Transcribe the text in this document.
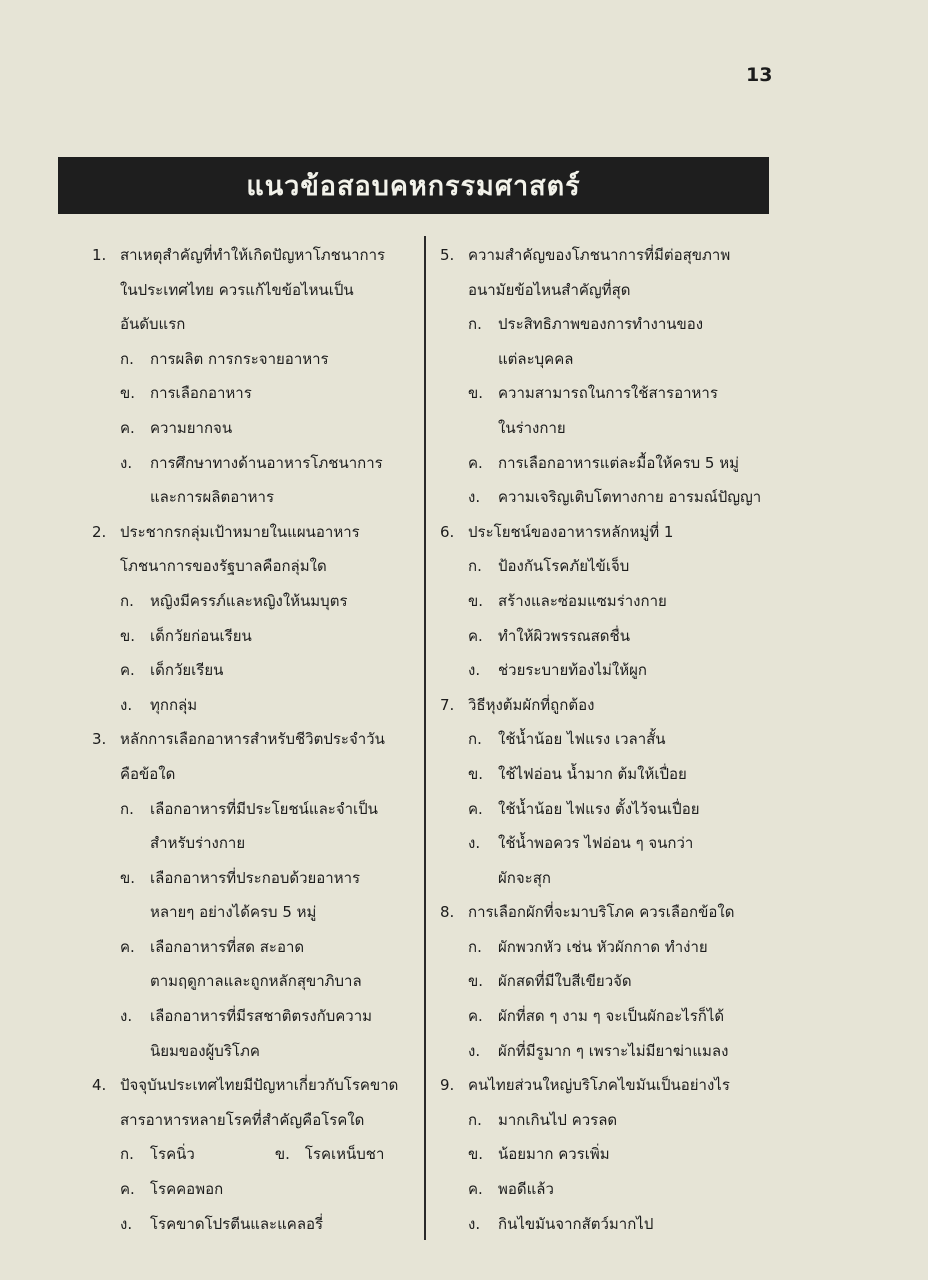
13
แนวข้อสอบคหกรรมศาสตร์
1. สาเหตุสำคัญที่ทำให้เกิดปัญหาโภชนาการ
ในประเทศไทย ควรแก้ไขข้อไหนเป็น
อันดับแรก
ก.	การผลิต การกระจายอาหาร
ข. การเลือกอาหาร
ค.	ความยากจน
ง.	การศึกษาทางด้านอาหารโภชนาการ
และการผลิตอาหาร
2. ประชากรกลุ่มเป้าหมายในแผนอาหาร
โภชนาการของรัฐบาลคือกลุ่มใด
ก.	หญิงมีครรภ์และหญิงให้นมบุตร
ข. เด็กวัยก่อนเรียน
ค.	เด็กวัยเรียน
ง.	ทุกกลุ่ม
3. หลักการเลือกอาหารสำหรับชีวิตประจำวัน
คือข้อใด
ก.	เลือกอาหารที่มีประโยชน์และจำเป็น
สำหรับร่างกาย
ข. เลือกอาหารที่ประกอบด้วยอาหาร
หลายๆ อย่างได้ครบ 5 หมู่
ค.	เลือกอาหารที่สด สะอาด
ตามฤดูกาลและถูกหลักสุขาภิบาล
ง.	เลือกอาหารที่มีรสชาติตรงกับความ
นิยมของผู้บริโภค
4. ปัจจุบันประเทศไทยมีปัญหาเกี่ยวกับโรคขาด
สารอาหารหลายโรคที่สำคัญคือโรคใด
ก.	โรคนิ่ว	ข. โรคเหน็บชา
ค.	โรคคอพอก
ง.	โรคขาดโปรตีนและแคลอรี่
5. ความสำคัญของโภชนาการที่มีต่อสุขภาพ
อนามัยข้อไหนสำคัญที่สุด
ก.	ประสิทธิภาพของการทำงานของ
แต่ละบุคคล
ข. ความสามารถในการใช้สารอาหาร
ในร่างกาย
ค.	การเลือกอาหารแต่ละมื้อให้ครบ 5 หมู่
ง.	ความเจริญเติบโตทางกาย อารมณ์ปัญญา
6. ประโยชน์ของอาหารหลักหมู่ที่ 1
ก.	ป้องกันโรคภัยไข้เจ็บ
ข. สร้างและซ่อมแซมร่างกาย
ค.	ทำให้ผิวพรรณสดชื่น
ง.	ช่วยระบายท้องไม่ให้ผูก
7. วิธีหุงต้มผักที่ถูกต้อง
ก.	ใช้น้ำน้อย ไฟแรง เวลาสั้น
ข. ใช้ไฟอ่อน น้ำมาก ต้มให้เปื่อย
ค.	ใช้น้ำน้อย ไฟแรง ตั้งไว้จนเปื่อย
ง.	ใช้น้ำพอควร ไฟอ่อน ๆ จนกว่า
ผักจะสุก
8. การเลือกผักที่จะมาบริโภค ควรเลือกข้อใด
ก.	ผักพวกหัว เช่น หัวผักกาด ทำง่าย
ข. ผักสดที่มีใบสีเขียวจัด
ค.	ผักที่สด ๆ งาม ๆ จะเป็นผักอะไรก็ได้
ง.	ผักที่มีรูมาก ๆ เพราะไม่มียาฆ่าแมลง
9. คนไทยส่วนใหญ่บริโภคไขมันเป็นอย่างไร
ก.	มากเกินไป ควรลด
ข. น้อยมาก ควรเพิ่ม
ค.	พอดีแล้ว
ง.	กินไขมันจากสัตว์มากไป
